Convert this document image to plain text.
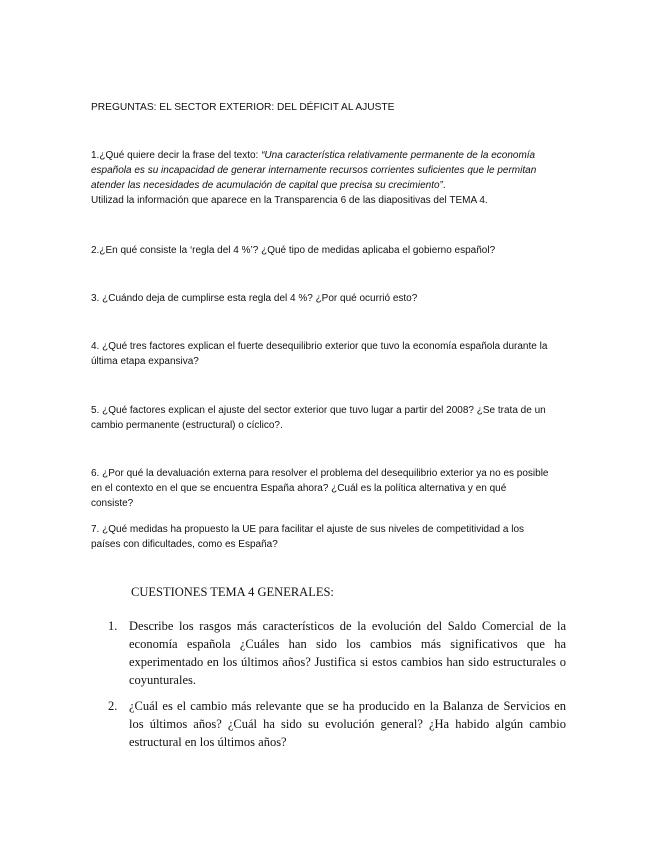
PREGUNTAS: EL SECTOR EXTERIOR: DEL DÉFICIT AL AJUSTE
1.¿Qué quiere decir la frase del texto: “Una característica relativamente permanente de la economía española es su incapacidad de generar internamente recursos corrientes suficientes que le permitan atender las necesidades de acumulación de capital que precisa su crecimiento”.
Utilizad la información que aparece en la Transparencia 6 de las diapositivas del TEMA 4.
2.¿En qué consiste la ‘regla del 4 %’? ¿Qué tipo de medidas aplicaba el gobierno español?
3. ¿Cuándo deja de cumplirse esta regla del 4 %? ¿Por qué ocurrió esto?
4. ¿Qué tres factores explican el fuerte desequilibrio exterior que tuvo la economía española durante la última etapa expansiva?
5. ¿Qué factores explican el ajuste del sector exterior que tuvo lugar a partir del 2008? ¿Se trata de un cambio permanente (estructural) o cíclico?.
6. ¿Por qué la devaluación externa para resolver el problema del desequilibrio exterior ya no es posible en el contexto en el que se encuentra España ahora? ¿Cuál es la política alternativa y en qué consiste?
7. ¿Qué medidas ha propuesto la UE para facilitar el ajuste de sus niveles de competitividad a los países con dificultades, como es España?
CUESTIONES TEMA 4 GENERALES:
1. Describe los rasgos más característicos de la evolución del Saldo Comercial de la economía española ¿Cuáles han sido los cambios más significativos que ha experimentado en los últimos años? Justifica si estos cambios han sido estructurales o coyunturales.
2. ¿Cuál es el cambio más relevante que se ha producido en la Balanza de Servicios en los últimos años? ¿Cuál ha sido su evolución general? ¿Ha habido algún cambio estructural en los últimos años?
